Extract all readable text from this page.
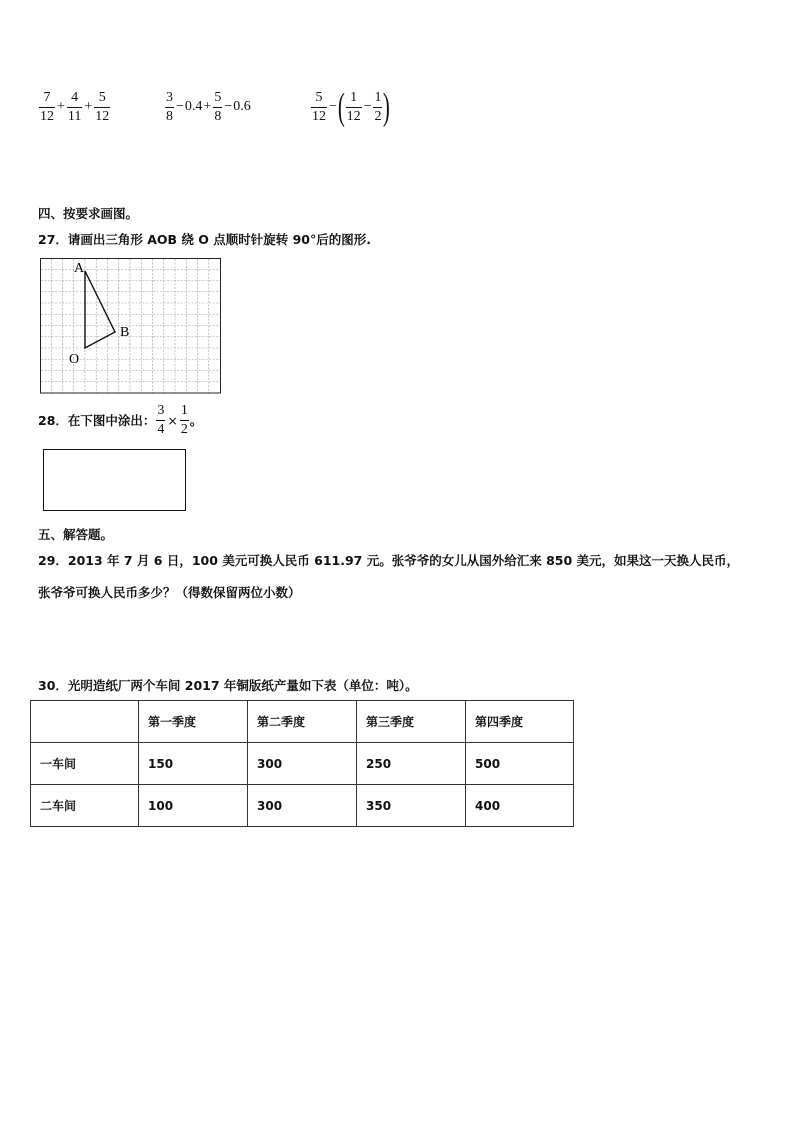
$\frac{7}{12} + \frac{4}{11} + \frac{5}{12}$	$\frac{3}{8} - 0.4 + \frac{5}{8} - 0.6$	$\frac{5}{12}$ − ( $\frac{1}{12} - \frac{1}{2}$ )
四、按要求画图。
27．请画出三角形 AOB 绕 O 点顺时针旋转 90°后的图形.
A
B
O
28．在下图中涂出： $\frac{3}{4} \times \frac{1}{2}$ 。
五、解答题。
29．2013 年 7 月 6 日，100 美元可换人民币 611.97 元。张爷爷的女儿从国外给汇来 850 美元，如果这一天换人民币，
张爷爷可换人民币多少？（得数保留两位小数）
30．光明造纸厂两个车间 2017 年铜版纸产量如下表（单位：吨）。
	第一季度	第二季度	第三季度	第四季度
一车间	150	300	250	500
二车间	100	300	350	400
